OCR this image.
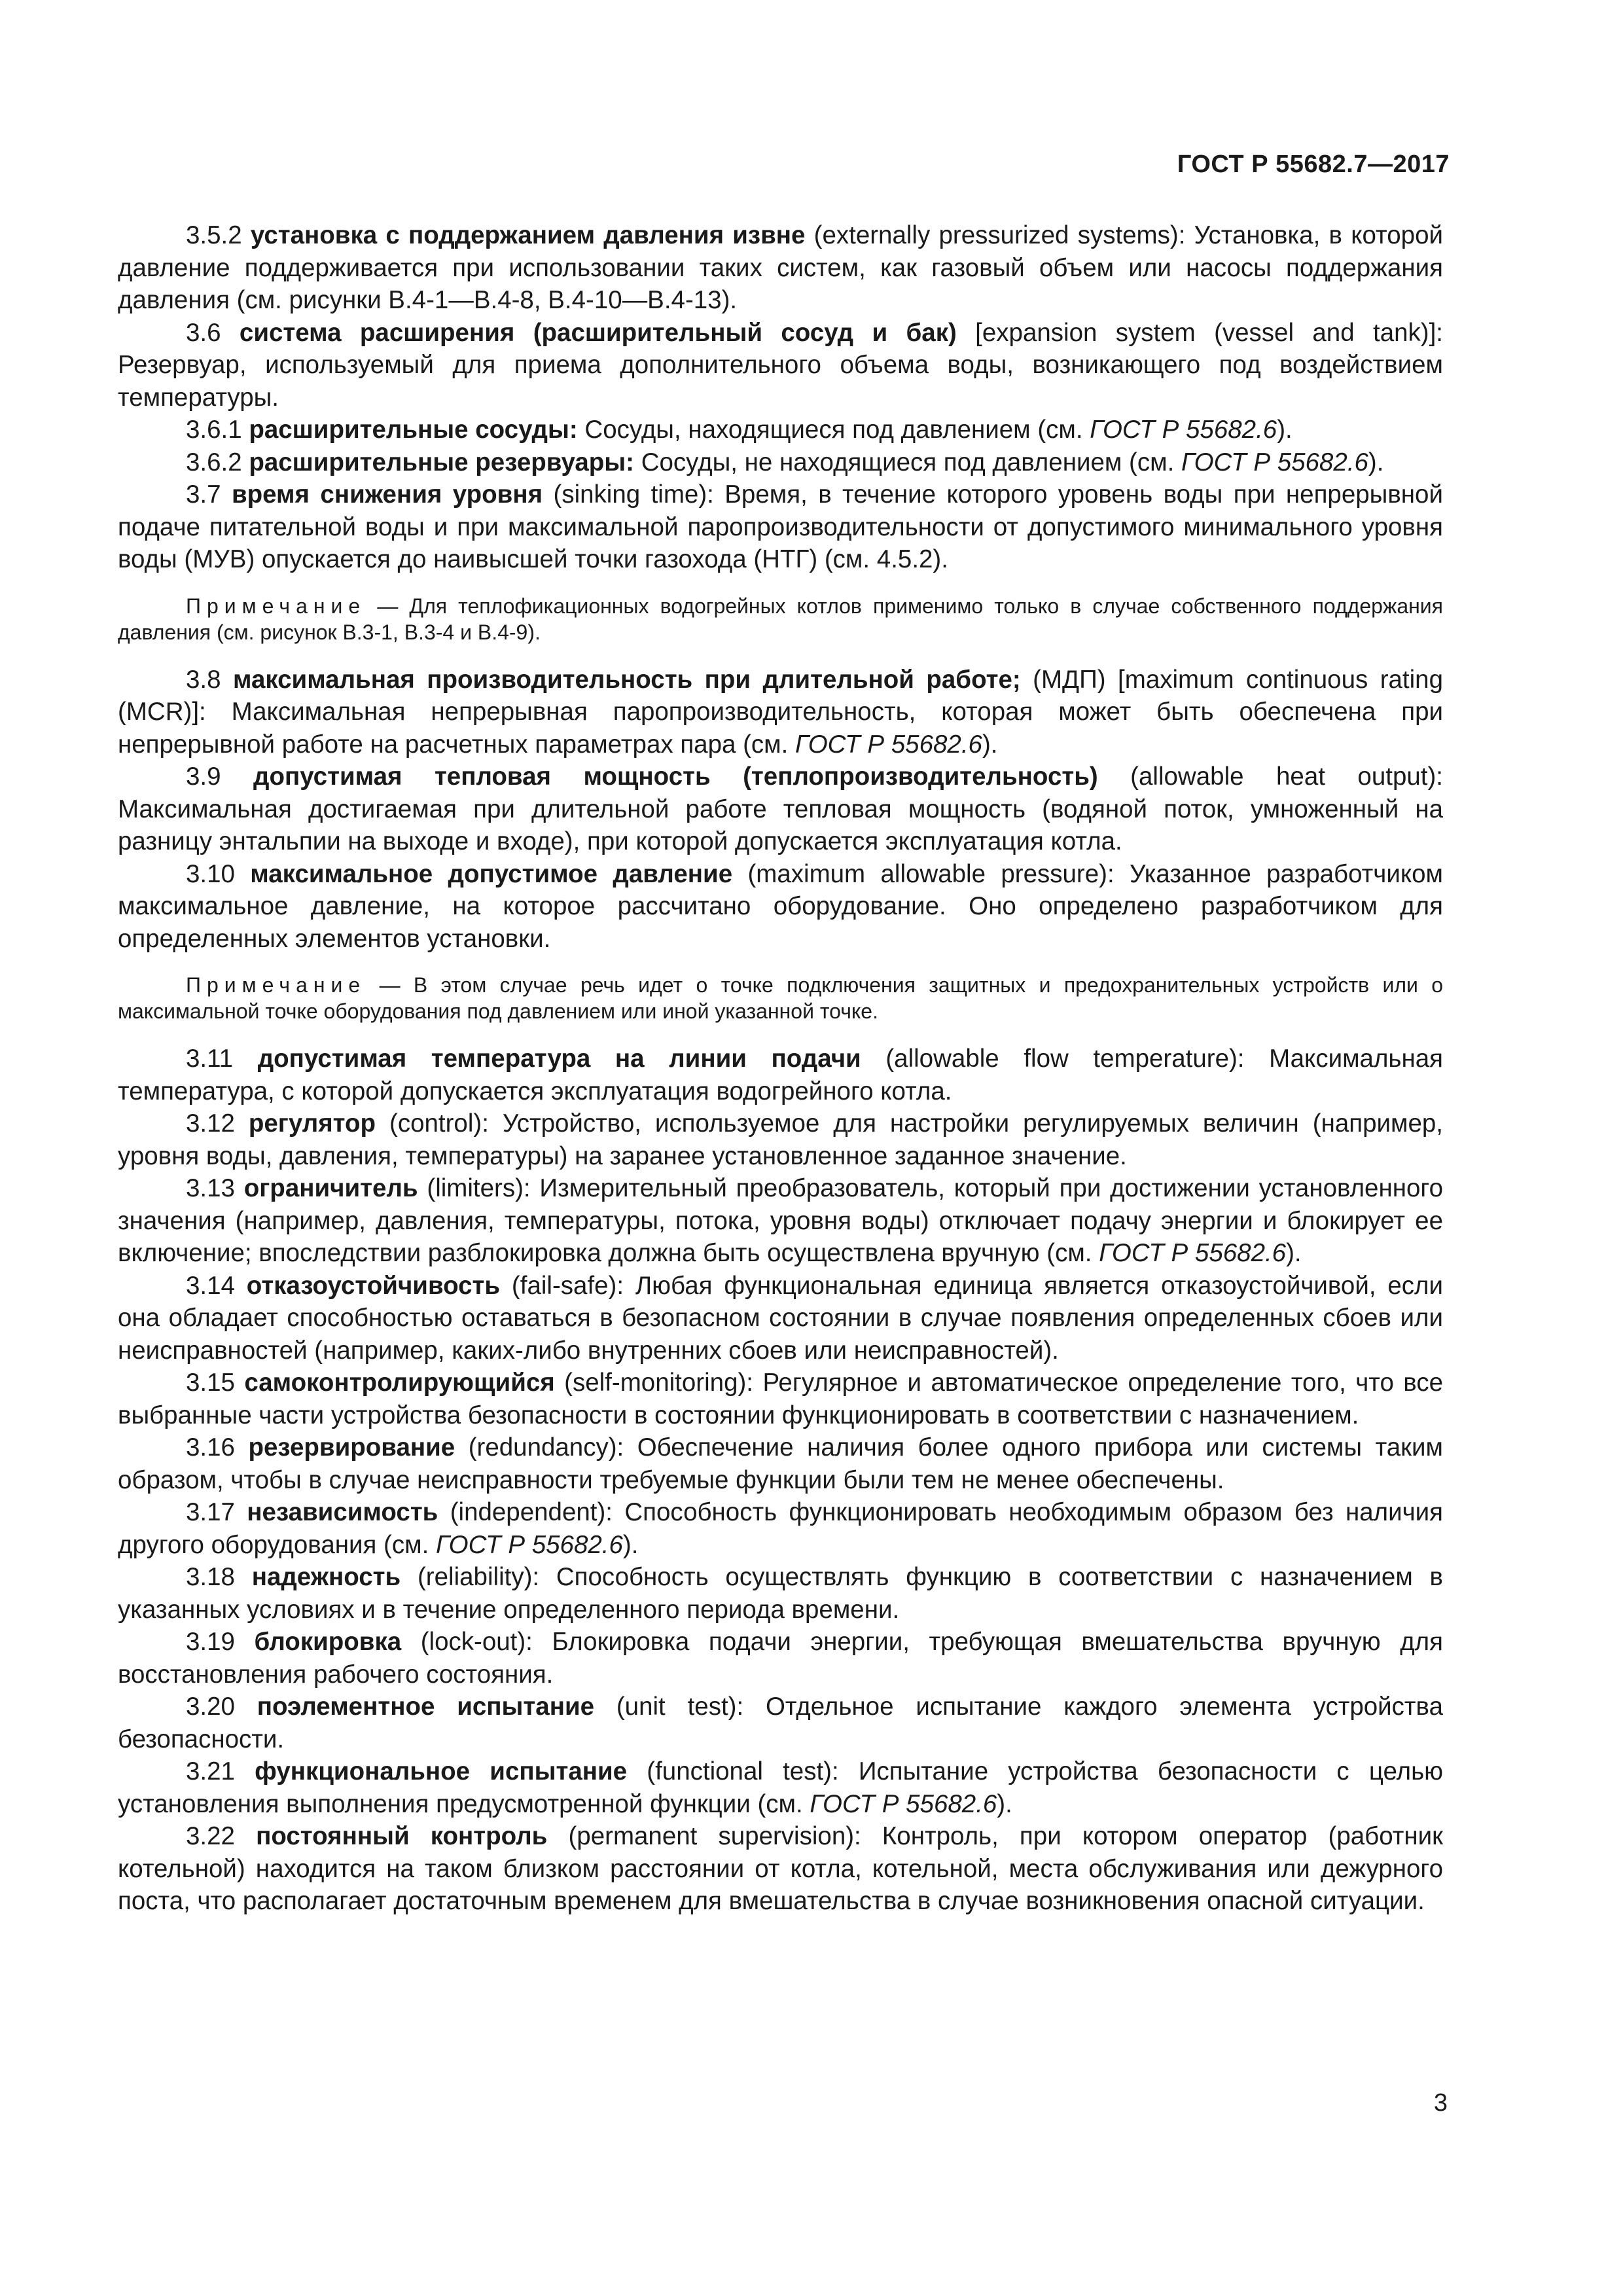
ГОСТ Р 55682.7—2017

3.5.2 установка с поддержанием давления извне (externally pressurized systems): Установка, в которой давление поддерживается при использовании таких систем, как газовый объем или насосы поддержания давления (см. рисунки В.4-1—В.4-8, В.4-10—В.4-13).

3.6 система расширения (расширительный сосуд и бак) [expansion system (vessel and tank)]: Резервуар, используемый для приема дополнительного объема воды, возникающего под воздействием температуры.

3.6.1 расширительные сосуды: Сосуды, находящиеся под давлением (см. ГОСТ Р 55682.6).

3.6.2 расширительные резервуары: Сосуды, не находящиеся под давлением (см. ГОСТ Р 55682.6).

3.7 время снижения уровня (sinking time): Время, в течение которого уровень воды при непрерывной подаче питательной воды и при максимальной паропроизводительности от допустимого минимального уровня воды (МУВ) опускается до наивысшей точки газохода (НТГ) (см. 4.5.2).

Примечание — Для теплофикационных водогрейных котлов применимо только в случае собственного поддержания давления (см. рисунок В.3-1, В.3-4 и В.4-9).

3.8 максимальная производительность при длительной работе; (МДП) [maximum continuous rating (MCR)]: Максимальная непрерывная паропроизводительность, которая может быть обеспечена при непрерывной работе на расчетных параметрах пара (см. ГОСТ Р 55682.6).

3.9 допустимая тепловая мощность (теплопроизводительность) (allowable heat output): Максимальная достигаемая при длительной работе тепловая мощность (водяной поток, умноженный на разницу энтальпии на выходе и входе), при которой допускается эксплуатация котла.

3.10 максимальное допустимое давление (maximum allowable pressure): Указанное разработчиком максимальное давление, на которое рассчитано оборудование. Оно определено разработчиком для определенных элементов установки.

Примечание — В этом случае речь идет о точке подключения защитных и предохранительных устройств или о максимальной точке оборудования под давлением или иной указанной точке.

3.11 допустимая температура на линии подачи (allowable flow temperature): Максимальная температура, с которой допускается эксплуатация водогрейного котла.

3.12 регулятор (control): Устройство, используемое для настройки регулируемых величин (например, уровня воды, давления, температуры) на заранее установленное заданное значение.

3.13 ограничитель (limiters): Измерительный преобразователь, который при достижении установленного значения (например, давления, температуры, потока, уровня воды) отключает подачу энергии и блокирует ее включение; впоследствии разблокировка должна быть осуществлена вручную (см. ГОСТ Р 55682.6).

3.14 отказоустойчивость (fail-safe): Любая функциональная единица является отказоустойчивой, если она обладает способностью оставаться в безопасном состоянии в случае появления определенных сбоев или неисправностей (например, каких-либо внутренних сбоев или неисправностей).

3.15 самоконтролирующийся (self-monitoring): Регулярное и автоматическое определение того, что все выбранные части устройства безопасности в состоянии функционировать в соответствии с назначением.

3.16 резервирование (redundancy): Обеспечение наличия более одного прибора или системы таким образом, чтобы в случае неисправности требуемые функции были тем не менее обеспечены.

3.17 независимость (independent): Способность функционировать необходимым образом без наличия другого оборудования (см. ГОСТ Р 55682.6).

3.18 надежность (reliability): Способность осуществлять функцию в соответствии с назначением в указанных условиях и в течение определенного периода времени.

3.19 блокировка (lock-out): Блокировка подачи энергии, требующая вмешательства вручную для восстановления рабочего состояния.

3.20 поэлементное испытание (unit test): Отдельное испытание каждого элемента устройства безопасности.

3.21 функциональное испытание (functional test): Испытание устройства безопасности с целью установления выполнения предусмотренной функции (см. ГОСТ Р 55682.6).

3.22 постоянный контроль (permanent supervision): Контроль, при котором оператор (работник котельной) находится на таком близком расстоянии от котла, котельной, места обслуживания или дежурного поста, что располагает достаточным временем для вмешательства в случае возникновения опасной ситуации.

3
